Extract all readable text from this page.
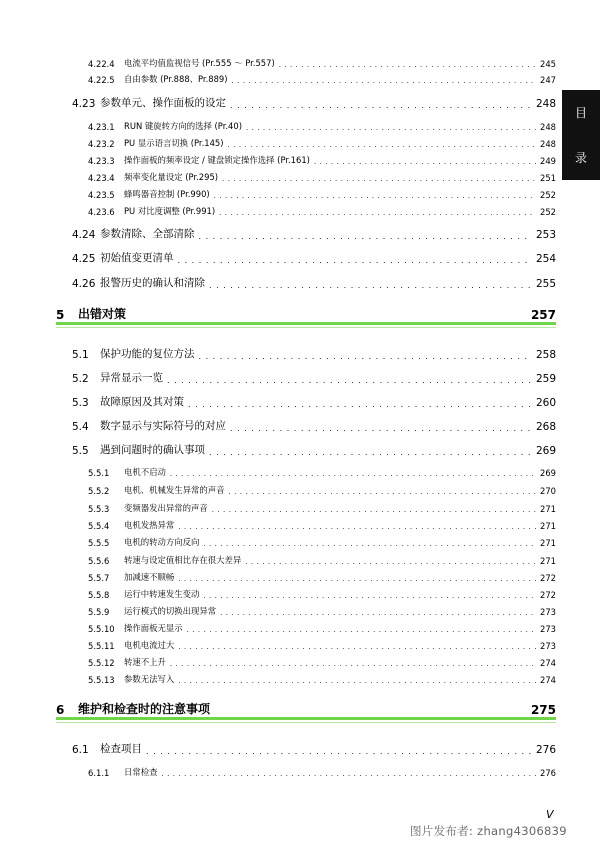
目
录
4.22.4	电流平均值监视信号 (Pr.555 ～ Pr.557) . . .	245
4.22.5	自由参数 (Pr.888、Pr.889) . . .	247
4.23 参数单元、操作面板的设定 . . .	248
4.23.1	RUN 键旋转方向的选择 (Pr.40) . . .	248
4.23.2	PU 显示语言切换 (Pr.145) . . .	248
4.23.3	操作面板的频率设定 / 键盘锁定操作选择 (Pr.161) . . .	249
4.23.4	频率变化量设定 (Pr.295) . . .	251
4.23.5	蜂鸣器音控制 (Pr.990) . . .	252
4.23.6	PU 对比度调整 (Pr.991) . . .	252
4.24 参数清除、全部清除 . . .	253
4.25 初始值变更清单 . . .	254
4.26 报警历史的确认和清除 . . .	255
5	出错对策	257
5.1	保护功能的复位方法 . . .	258
5.2	异常显示一览 . . .	259
5.3	故障原因及其对策 . . .	260
5.4	数字显示与实际符号的对应 . . .	268
5.5	遇到问题时的确认事项 . . .	269
5.5.1	电机不启动 . . .	269
5.5.2	电机、机械发生异常的声音 . . .	270
5.5.3	变频器发出异常的声音 . . .	271
5.5.4	电机发热异常 . . .	271
5.5.5	电机的转动方向反向 . . .	271
5.5.6	转速与设定值相比存在很大差异 . . .	271
5.5.7	加减速不顺畅 . . .	272
5.5.8	运行中转速发生变动 . . .	272
5.5.9	运行模式的切换出现异常 . . .	273
5.5.10	操作面板无显示 . . .	273
5.5.11	电机电流过大 . . .	273
5.5.12	转速不上升 . . .	274
5.5.13	参数无法写入 . . .	274
6	维护和检查时的注意事项	275
6.1	检查项目 . . .	276
6.1.1	日常检查 . . .	276
V
图片发布者: zhang4306839
